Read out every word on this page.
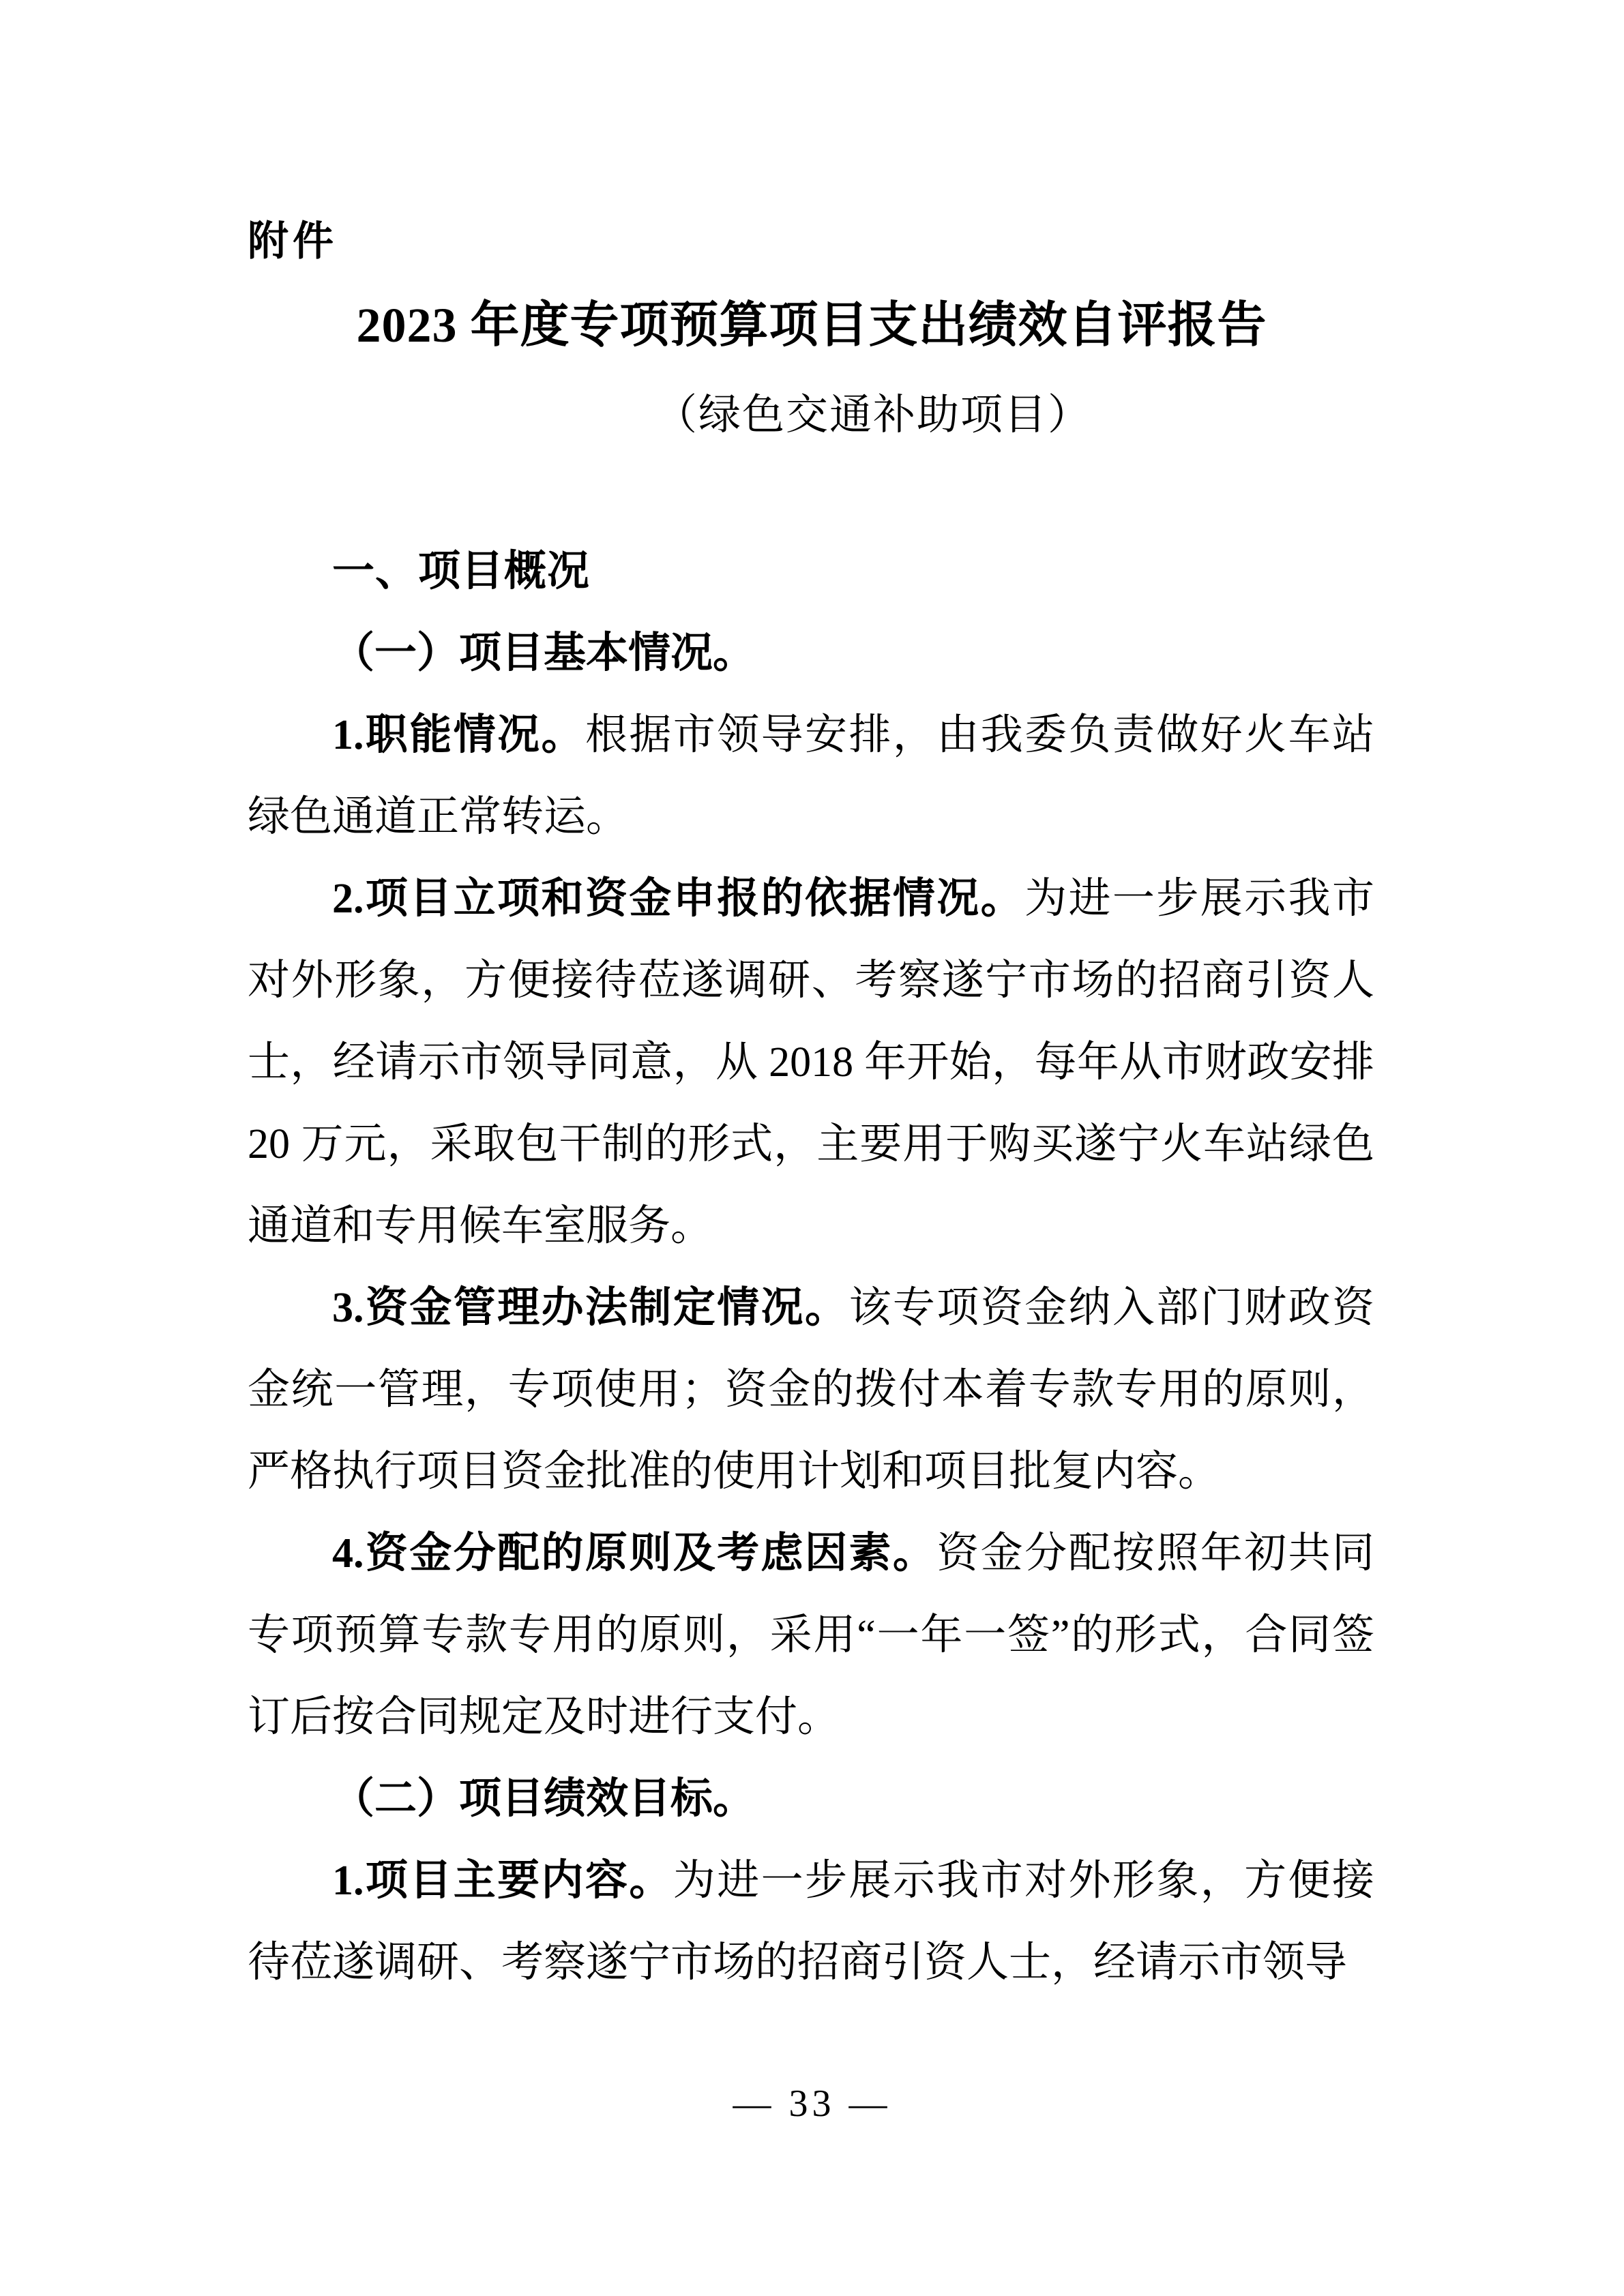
附件
2023 年度专项预算项目支出绩效自评报告
（绿色交通补助项目）
一、项目概况
（一）项目基本情况。

1.职能情况。根据市领导安排，由我委负责做好火车站绿色通道正常转运。

2.项目立项和资金申报的依据情况。为进一步展示我市对外形象，方便接待莅遂调研、考察遂宁市场的招商引资人士，经请示市领导同意，从 2018 年开始，每年从市财政安排 20 万元，采取包干制的形式，主要用于购买遂宁火车站绿色通道和专用候车室服务。

3.资金管理办法制定情况。该专项资金纳入部门财政资金统一管理，专项使用；资金的拨付本着专款专用的原则，严格执行项目资金批准的使用计划和项目批复内容。

4.资金分配的原则及考虑因素。资金分配按照年初共同专项预算专款专用的原则，采用“一年一签”的形式，合同签订后按合同规定及时进行支付。

（二）项目绩效目标。

1.项目主要内容。为进一步展示我市对外形象，方便接待莅遂调研、考察遂宁市场的招商引资人士，经请示市领导

— 33 —
